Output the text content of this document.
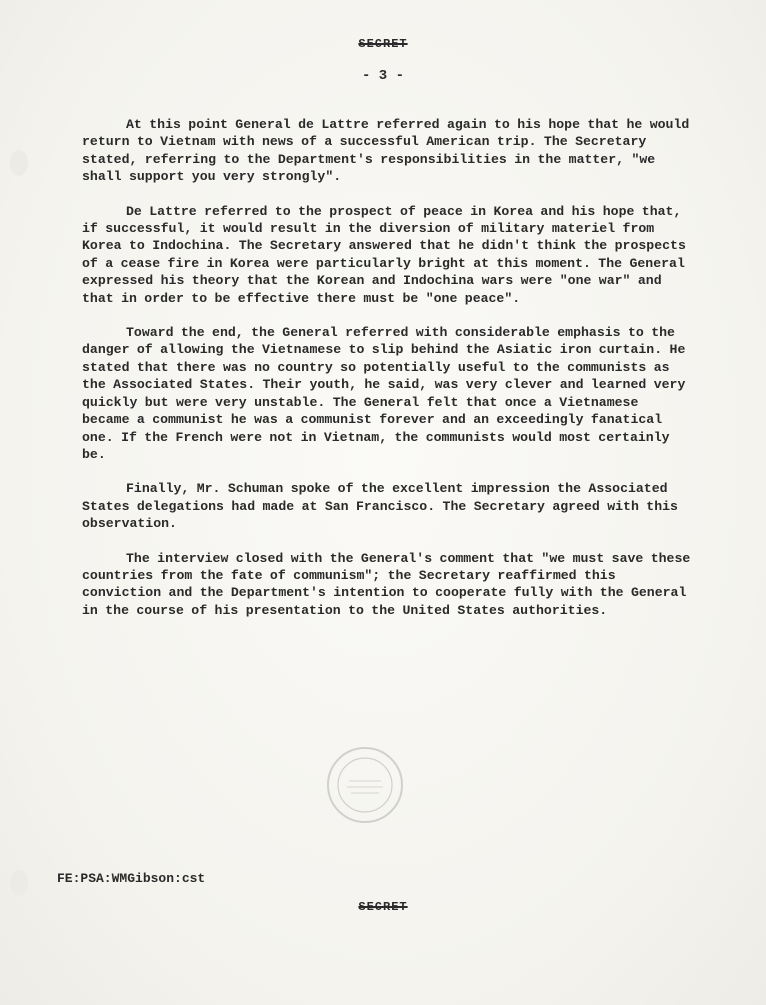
SECRET
- 3 -

At this point General de Lattre referred again to his hope that he would return to Vietnam with news of a successful American trip. The Secretary stated, referring to the Department's responsibilities in the matter, "we shall support you very strongly".

De Lattre referred to the prospect of peace in Korea and his hope that, if successful, it would result in the diversion of military materiel from Korea to Indochina. The Secretary answered that he didn't think the prospects of a cease fire in Korea were particularly bright at this moment. The General expressed his theory that the Korean and Indochina wars were "one war" and that in order to be effective there must be "one peace".

Toward the end, the General referred with considerable emphasis to the danger of allowing the Vietnamese to slip behind the Asiatic iron curtain. He stated that there was no country so potentially useful to the communists as the Associated States. Their youth, he said, was very clever and learned very quickly but were very unstable. The General felt that once a Vietnamese became a communist he was a communist forever and an exceedingly fanatical one. If the French were not in Vietnam, the communists would most certainly be.

Finally, Mr. Schuman spoke of the excellent impression the Associated States delegations had made at San Francisco. The Secretary agreed with this observation.

The interview closed with the General's comment that "we must save these countries from the fate of communism"; the Secretary reaffirmed this conviction and the Department's intention to cooperate fully with the General in the course of his presentation to the United States authorities.

FE:PSA:WMGibson:cst
SECRET
